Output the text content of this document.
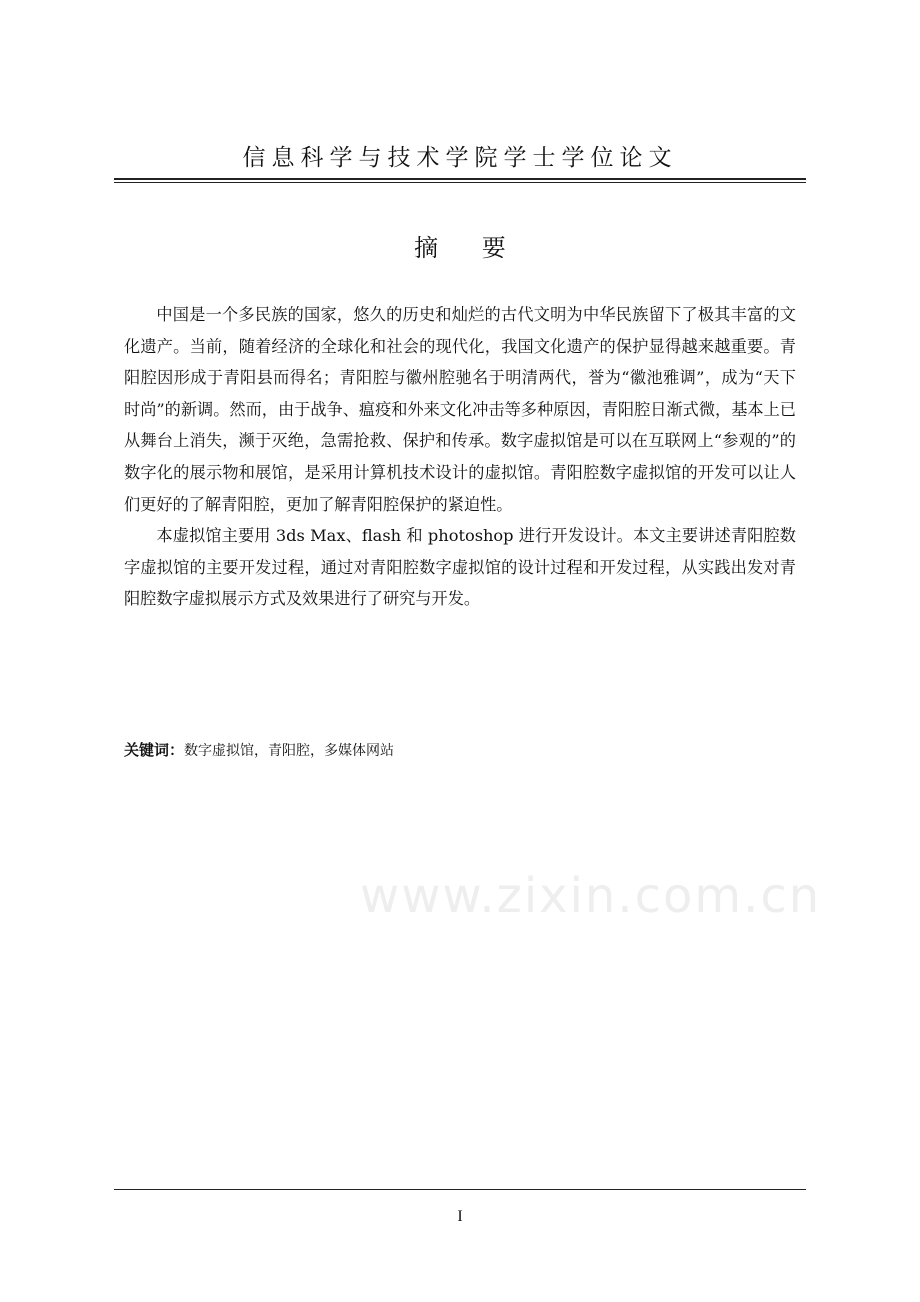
信息科学与技术学院学士学位论文
摘 要

中国是一个多民族的国家，悠久的历史和灿烂的古代文明为中华民族留下了极其丰富的文化遗产。当前，随着经济的全球化和社会的现代化，我国文化遗产的保护显得越来越重要。青阳腔因形成于青阳县而得名；青阳腔与徽州腔驰名于明清两代，誉为“徽池雅调”，成为“天下时尚”的新调。然而，由于战争、瘟疫和外来文化冲击等多种原因，青阳腔日渐式微，基本上已从舞台上消失，濒于灭绝，急需抢救、保护和传承。数字虚拟馆是可以在互联网上“参观的”的数字化的展示物和展馆，是采用计算机技术设计的虚拟馆。青阳腔数字虚拟馆的开发可以让人们更好的了解青阳腔，更加了解青阳腔保护的紧迫性。

本虚拟馆主要用 3ds Max、flash 和 photoshop 进行开发设计。本文主要讲述青阳腔数字虚拟馆的主要开发过程，通过对青阳腔数字虚拟馆的设计过程和开发过程，从实践出发对青阳腔数字虚拟展示方式及效果进行了研究与开发。

关键词：数字虚拟馆，青阳腔，多媒体网站
www.zixin.com.cn
I
